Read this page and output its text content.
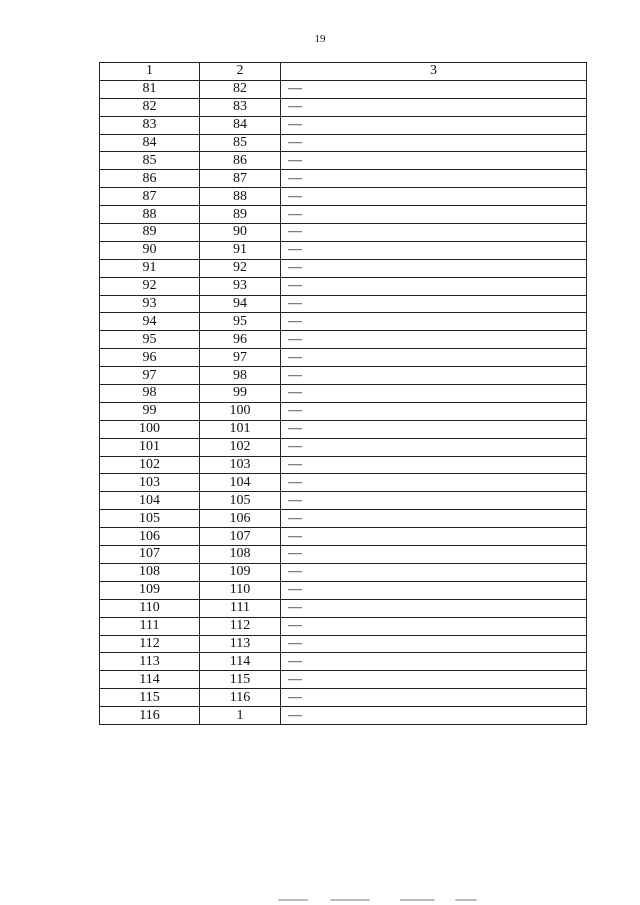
19
1	2	3
81	82	—
82	83	—
83	84	—
84	85	—
85	86	—
86	87	—
87	88	—
88	89	—
89	90	—
90	91	—
91	92	—
92	93	—
93	94	—
94	95	—
95	96	—
96	97	—
97	98	—
98	99	—
99	100	—
100	101	—
101	102	—
102	103	—
103	104	—
104	105	—
105	106	—
106	107	—
107	108	—
108	109	—
109	110	—
110	111	—
111	112	—
112	113	—
113	114	—
114	115	—
115	116	—
116	1	—
